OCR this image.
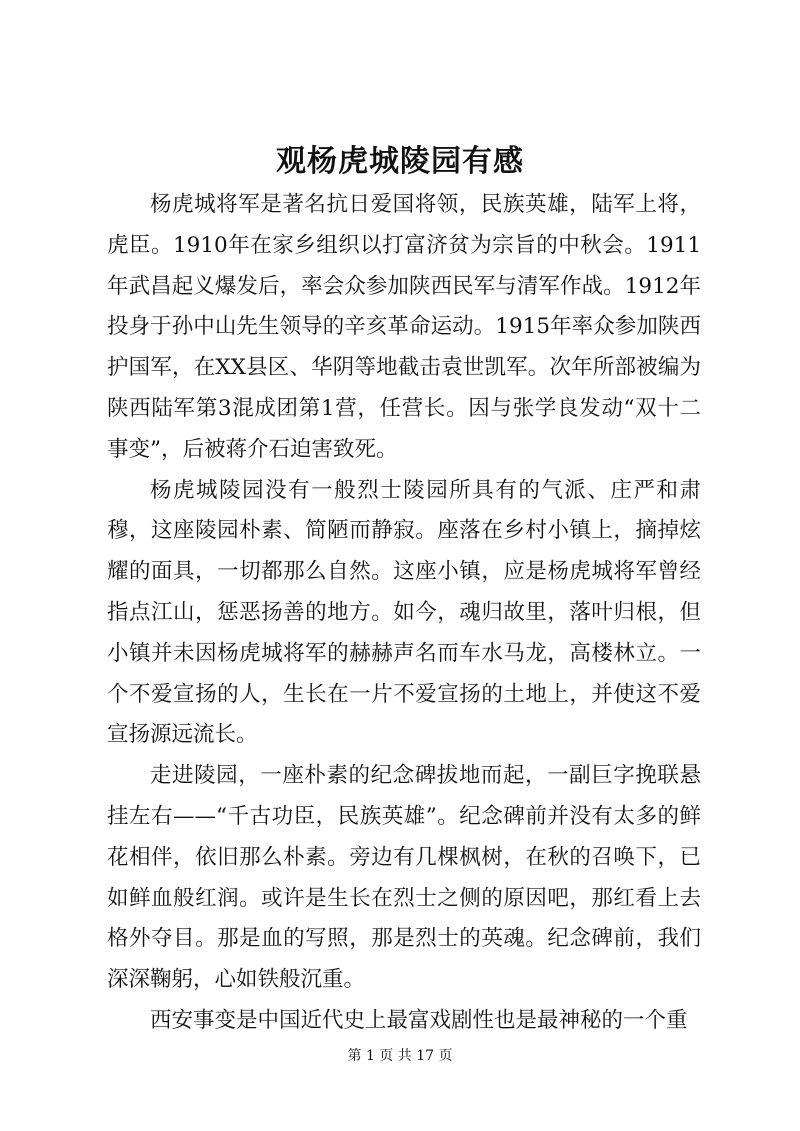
观杨虎城陵园有感

杨虎城将军是著名抗日爱国将领，民族英雄，陆军上将，虎臣。1910年在家乡组织以打富济贫为宗旨的中秋会。1911年武昌起义爆发后，率会众参加陕西民军与清军作战。1912年投身于孙中山先生领导的辛亥革命运动。1915年率众参加陕西护国军，在XX县区、华阴等地截击袁世凯军。次年所部被编为陕西陆军第3混成团第1营，任营长。因与张学良发动“双十二事变”，后被蒋介石迫害致死。

杨虎城陵园没有一般烈士陵园所具有的气派、庄严和肃穆，这座陵园朴素、简陋而静寂。座落在乡村小镇上，摘掉炫耀的面具，一切都那么自然。这座小镇，应是杨虎城将军曾经指点江山，惩恶扬善的地方。如今，魂归故里，落叶归根，但小镇并未因杨虎城将军的赫赫声名而车水马龙，高楼林立。一个不爱宣扬的人，生长在一片不爱宣扬的土地上，并使这不爱宣扬源远流长。

走进陵园，一座朴素的纪念碑拔地而起，一副巨字挽联悬挂左右——“千古功臣，民族英雄”。纪念碑前并没有太多的鲜花相伴，依旧那么朴素。旁边有几棵枫树，在秋的召唤下，已如鲜血般红润。或许是生长在烈士之侧的原因吧，那红看上去格外夺目。那是血的写照，那是烈士的英魂。纪念碑前，我们深深鞠躬，心如铁般沉重。

西安事变是中国近代史上最富戏剧性也是最神秘的一个重

第 1 页 共 17 页
